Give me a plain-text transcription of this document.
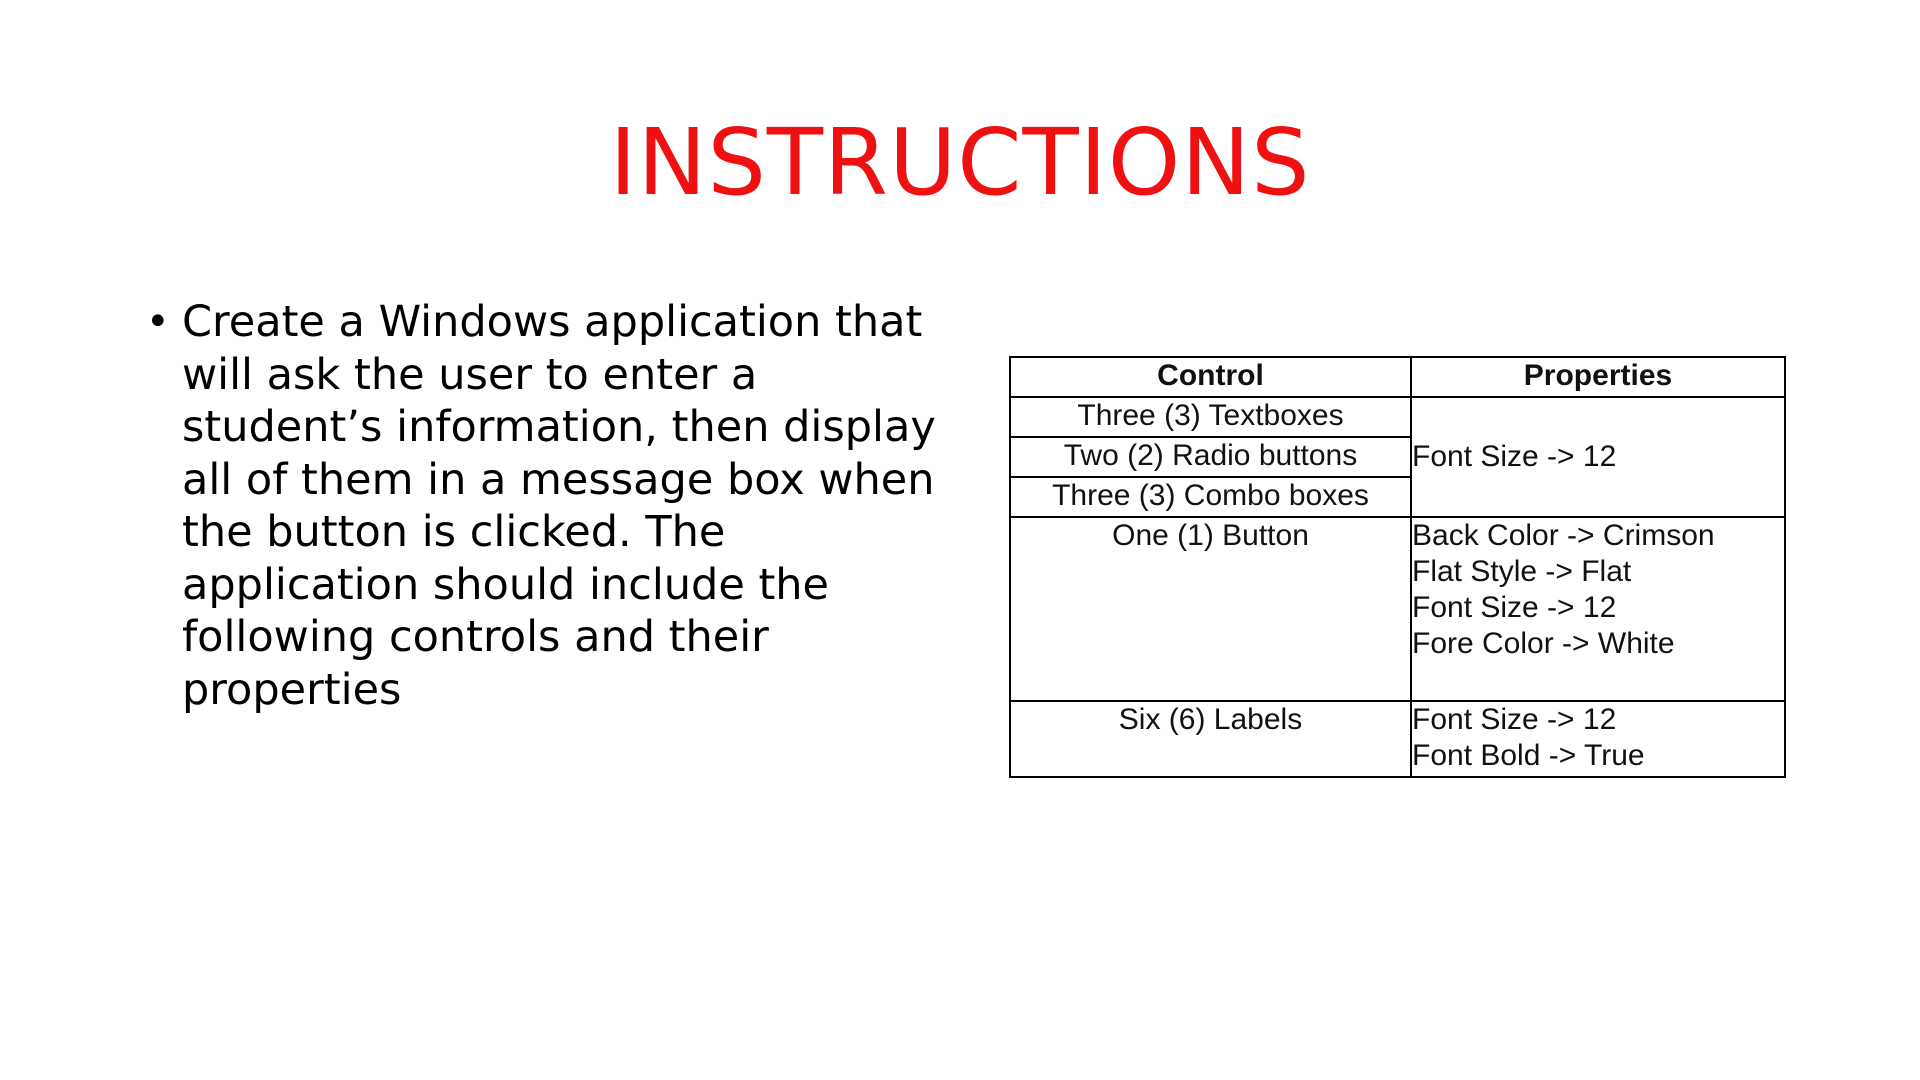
INSTRUCTIONS
• Create a Windows application that will ask the user to enter a student’s information, then display all of them in a message box when the button is clicked. The application should include the following controls and their properties

Control	Properties
Three (3) Textboxes	Font Size -> 12

Two (2) Radio buttons	
Three (3) Combo boxes	
One (1) Button	Back Color -> Crimson
Flat Style -> Flat
Font Size -> 12
Fore Color -> White

Six (6) Labels	Font Size -> 12
Font Bold -> True
